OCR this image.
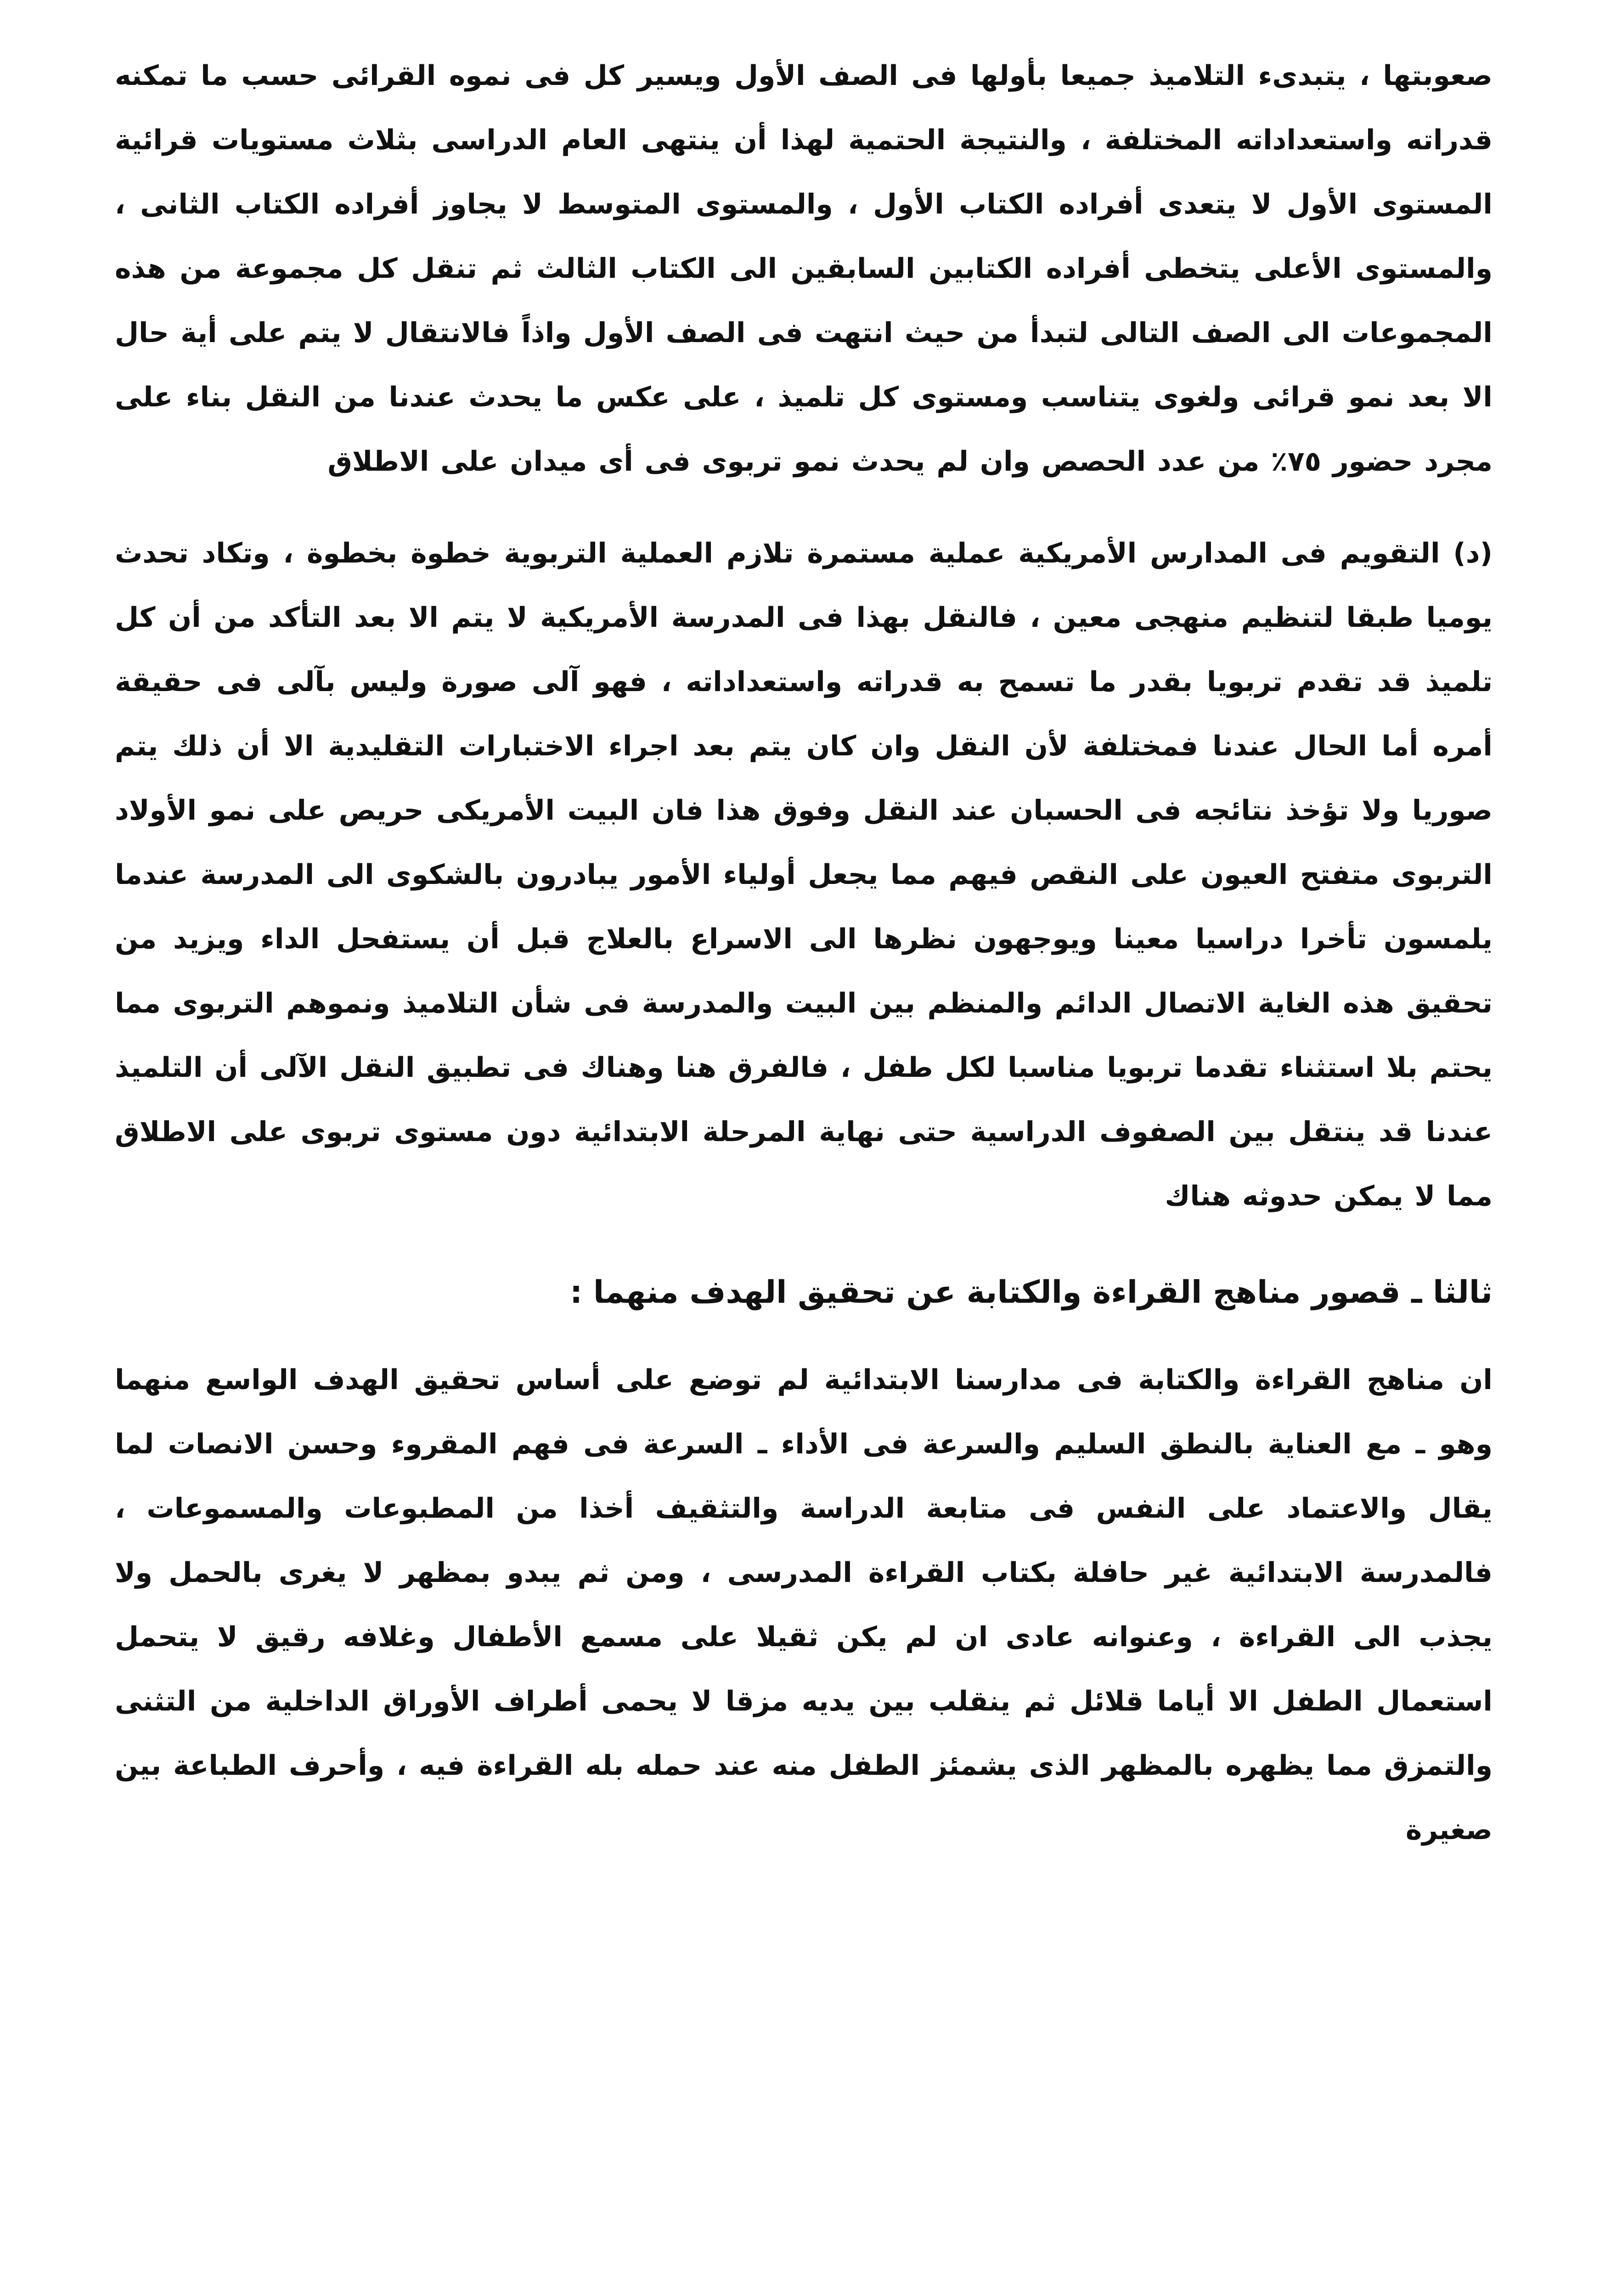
صعوبتها ، يتبدىء التلاميذ جميعا بأولها فى الصف الأول ويسير كل فى نموه القرائى حسب ما تمكنه قدراته واستعداداته المختلفة ، والنتيجة الحتمية لهذا أن ينتهى العام الدراسى بثلاث مستويات قرائية المستوى الأول لا يتعدى أفراده الكتاب الأول ، والمستوى المتوسط لا يجاوز أفراده الكتاب الثانى ، والمستوى الأعلى يتخطى أفراده الكتابين السابقين الى الكتاب الثالث ثم تنقل كل مجموعة من هذه المجموعات الى الصف التالى لتبدأ من حيث انتهت فى الصف الأول واذاً فالانتقال لا يتم على أية حال الا بعد نمو قرائى ولغوى يتناسب ومستوى كل تلميذ ، على عكس ما يحدث عندنا من النقل بناء على مجرد حضور ٧٥٪ من عدد الحصص وان لم يحدث نمو تربوى فى أى ميدان على الاطلاق

(د) التقويم فى المدارس الأمريكية عملية مستمرة تلازم العملية التربوية خطوة بخطوة ، وتكاد تحدث يوميا طبقا لتنظيم منهجى معين ، فالنقل بهذا فى المدرسة الأمريكية لا يتم الا بعد التأكد من أن كل تلميذ قد تقدم تربويا بقدر ما تسمح به قدراته واستعداداته ، فهو آلى صورة وليس بآلى فى حقيقة أمره أما الحال عندنا فمختلفة لأن النقل وان كان يتم بعد اجراء الاختبارات التقليدية الا أن ذلك يتم صوريا ولا تؤخذ نتائجه فى الحسبان عند النقل وفوق هذا فان البيت الأمريكى حريص على نمو الأولاد التربوى متفتح العيون على النقص فيهم مما يجعل أولياء الأمور يبادرون بالشكوى الى المدرسة عندما يلمسون تأخرا دراسيا معينا ويوجهون نظرها الى الاسراع بالعلاج قبل أن يستفحل الداء ويزيد من تحقيق هذه الغاية الاتصال الدائم والمنظم بين البيت والمدرسة فى شأن التلاميذ ونموهم التربوى مما يحتم بلا استثناء تقدما تربويا مناسبا لكل طفل ، فالفرق هنا وهناك فى تطبيق النقل الآلى أن التلميذ عندنا قد ينتقل بين الصفوف الدراسية حتى نهاية المرحلة الابتدائية دون مستوى تربوى على الاطلاق مما لا يمكن حدوثه هناك

ثالثا ـ قصور مناهج القراءة والكتابة عن تحقيق الهدف منهما :

ان مناهج القراءة والكتابة فى مدارسنا الابتدائية لم توضع على أساس تحقيق الهدف الواسع منهما وهو ـ مع العناية بالنطق السليم والسرعة فى الأداء ـ السرعة فى فهم المقروء وحسن الانصات لما يقال والاعتماد على النفس فى متابعة الدراسة والتثقيف أخذا من المطبوعات والمسموعات ، فالمدرسة الابتدائية غير حافلة بكتاب القراءة المدرسى ، ومن ثم يبدو بمظهر لا يغرى بالحمل ولا يجذب الى القراءة ، وعنوانه عادى ان لم يكن ثقيلا على مسمع الأطفال وغلافه رقيق لا يتحمل استعمال الطفل الا أياما قلائل ثم ينقلب بين يديه مزقا لا يحمى أطراف الأوراق الداخلية من التثنى والتمزق مما يظهره بالمظهر الذى يشمئز الطفل منه عند حمله بله القراءة فيه ، وأحرف الطباعة بين صغيرة
